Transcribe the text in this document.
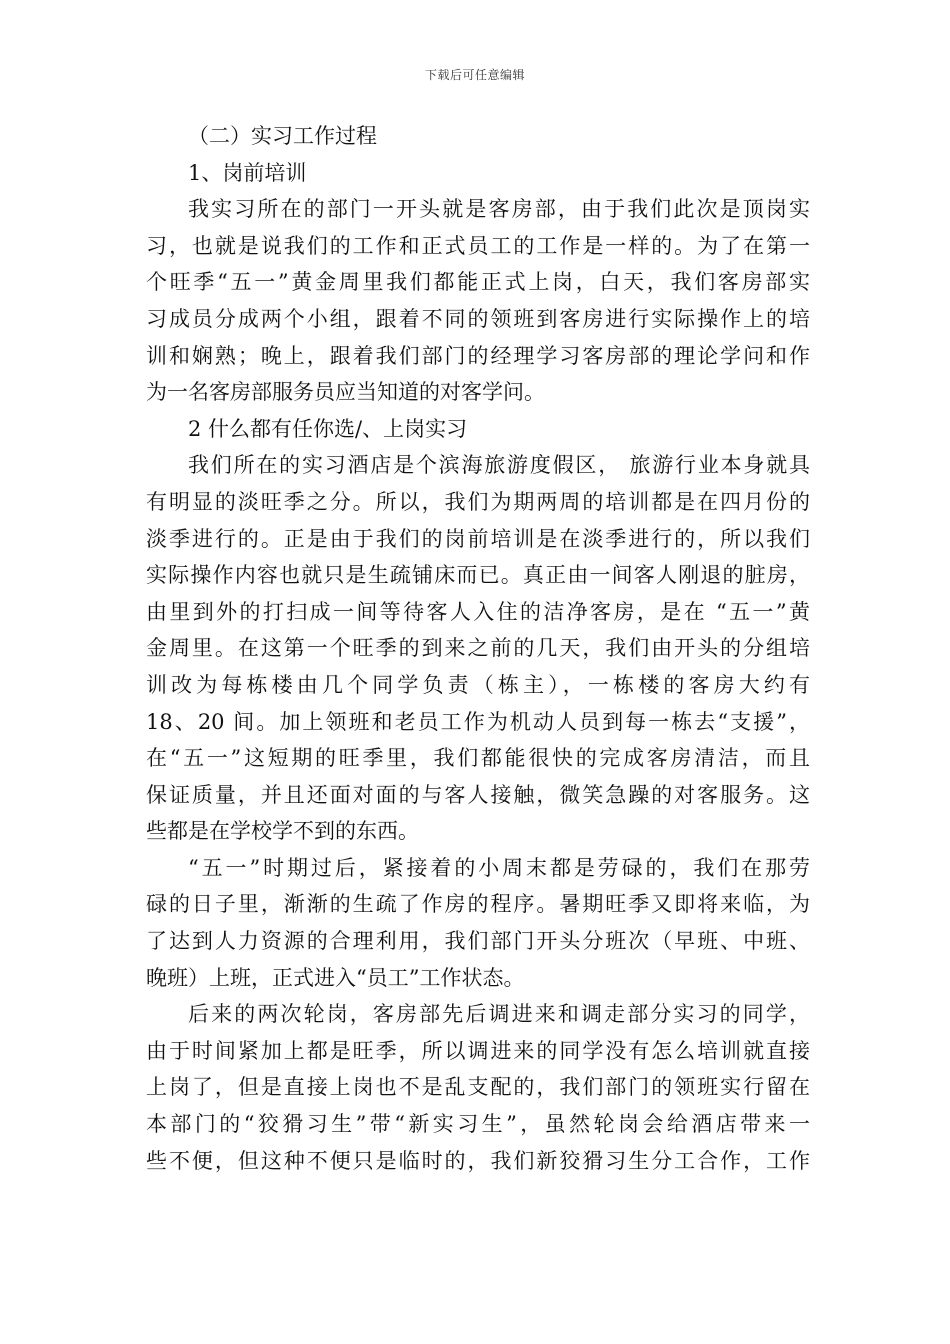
下载后可任意编辑
（二）实习工作过程
1、岗前培训
我实习所在的部门一开头就是客房部，由于我们此次是顶岗实
习，也就是说我们的工作和正式员工的工作是一样的。为了在第一
个旺季“五一”黄金周里我们都能正式上岗，白天，我们客房部实
习成员分成两个小组，跟着不同的领班到客房进行实际操作上的培
训和娴熟；晚上，跟着我们部门的经理学习客房部的理论学问和作
为一名客房部服务员应当知道的对客学问。
2 什么都有任你选/、上岗实习
我们所在的实习酒店是个滨海旅游度假区， 旅游行业本身就具
有明显的淡旺季之分。所以，我们为期两周的培训都是在四月份的
淡季进行的。正是由于我们的岗前培训是在淡季进行的，所以我们
实际操作内容也就只是生疏铺床而已。真正由一间客人刚退的脏房，
由里到外的打扫成一间等待客人入住的洁净客房，是在 “五一”黄
金周里。在这第一个旺季的到来之前的几天，我们由开头的分组培
训改为每栋楼由几个同学负责（栋主），一栋楼的客房大约有
18、20 间。加上领班和老员工作为机动人员到每一栋去“支援”，
在“五一”这短期的旺季里，我们都能很快的完成客房清洁，而且
保证质量，并且还面对面的与客人接触，微笑急躁的对客服务。这
些都是在学校学不到的东西。
“五一”时期过后，紧接着的小周末都是劳碌的，我们在那劳
碌的日子里，渐渐的生疏了作房的程序。暑期旺季又即将来临，为
了达到人力资源的合理利用，我们部门开头分班次（早班、中班、
晚班）上班，正式进入“员工”工作状态。
后来的两次轮岗，客房部先后调进来和调走部分实习的同学，
由于时间紧加上都是旺季，所以调进来的同学没有怎么培训就直接
上岗了，但是直接上岗也不是乱支配的，我们部门的领班实行留在
本部门的“狡猾习生”带“新实习生”，虽然轮岗会给酒店带来一
些不便，但这种不便只是临时的，我们新狡猾习生分工合作，工作
